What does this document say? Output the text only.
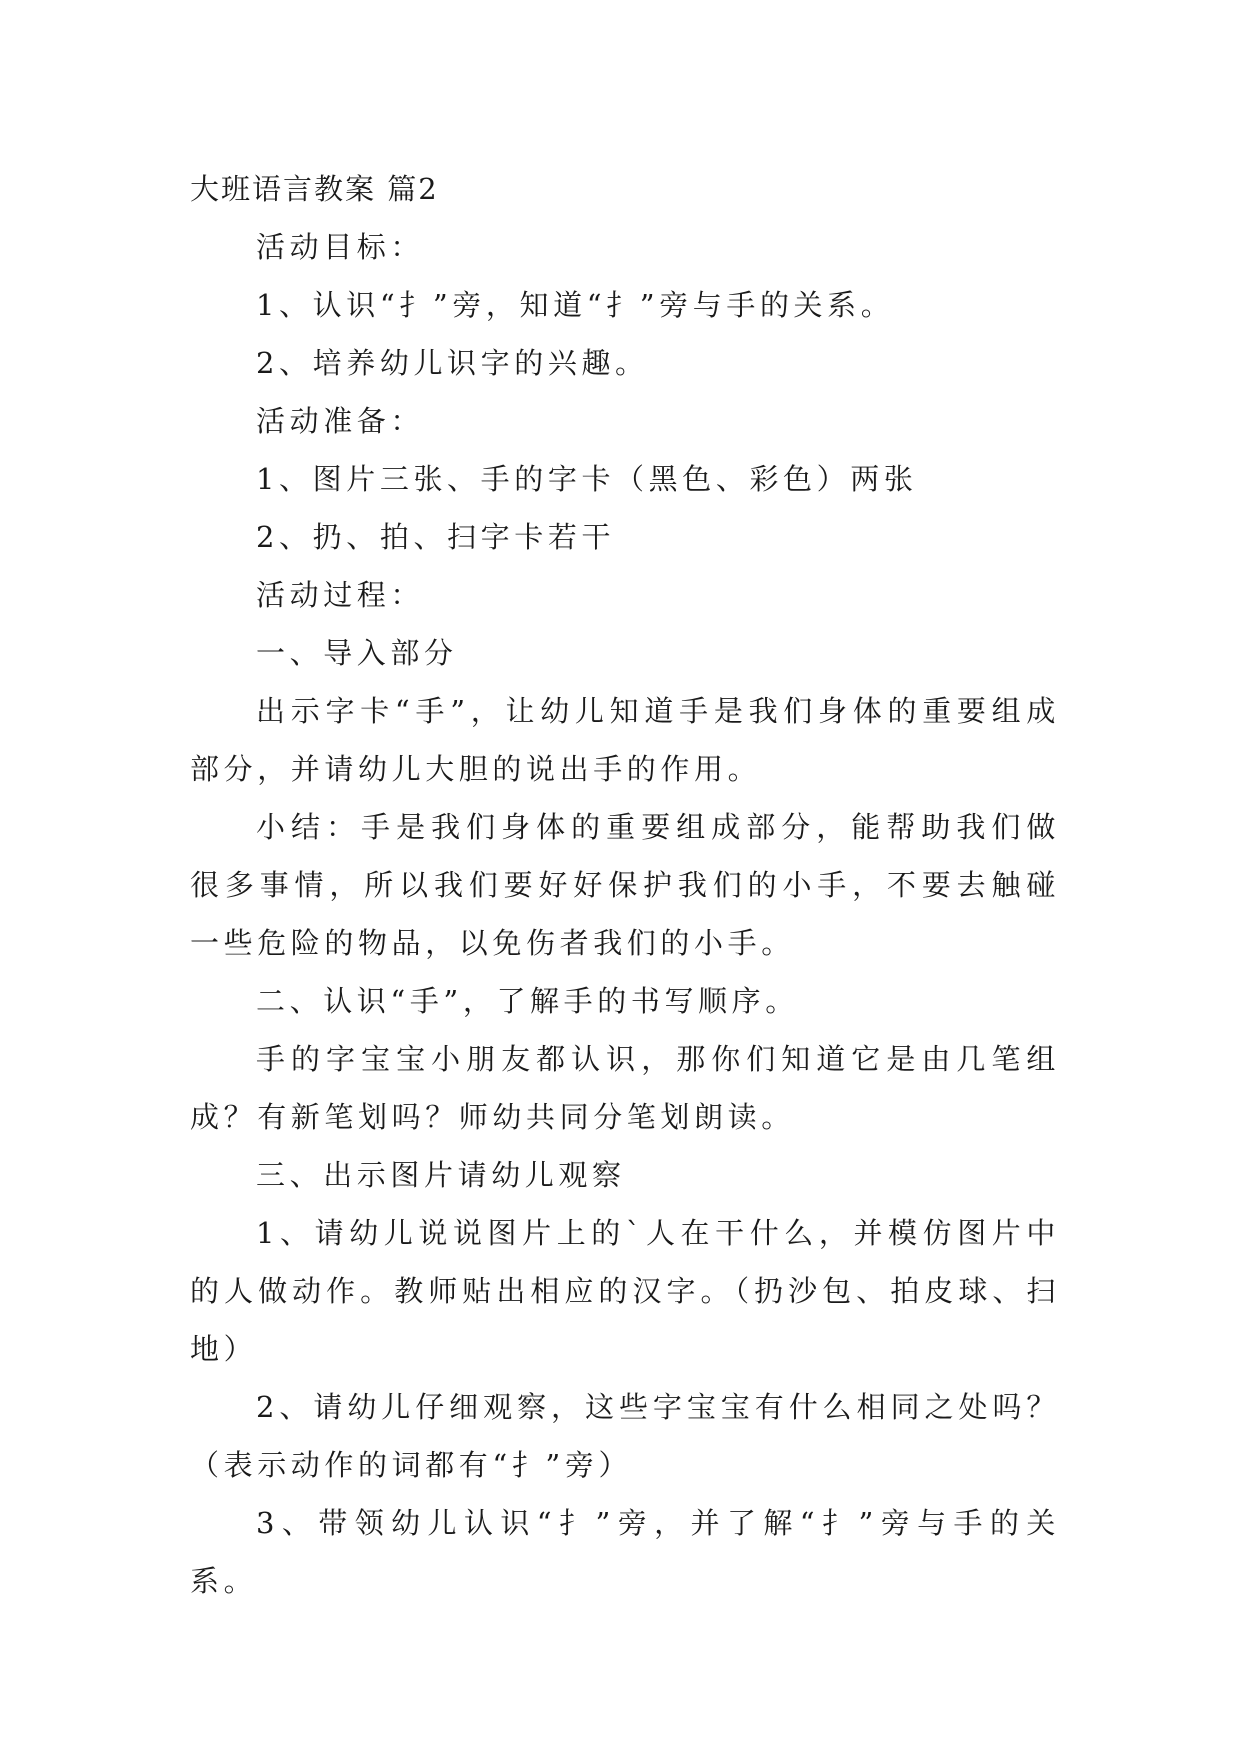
大班语言教案 篇2

活动目标：

1、认识“扌”旁，知道“扌”旁与手的关系。

2、培养幼儿识字的兴趣。

活动准备：

1、图片三张、手的字卡（黑色、彩色）两张

2、扔、拍、扫字卡若干

活动过程：

一、导入部分

出示字卡“手”，让幼儿知道手是我们身体的重要组成部分，并请幼儿大胆的说出手的作用。

小结：手是我们身体的重要组成部分，能帮助我们做很多事情，所以我们要好好保护我们的小手，不要去触碰一些危险的物品，以免伤者我们的小手。

二、认识“手”，了解手的书写顺序。

手的字宝宝小朋友都认识，那你们知道它是由几笔组成？有新笔划吗？师幼共同分笔划朗读。

三、出示图片请幼儿观察

1、请幼儿说说图片上的`人在干什么，并模仿图片中的人做动作。教师贴出相应的汉字。（扔沙包、拍皮球、扫地）

2、请幼儿仔细观察，这些字宝宝有什么相同之处吗？（表示动作的词都有“扌”旁）

3、带领幼儿认识“扌”旁，并了解“扌”旁与手的关系。
